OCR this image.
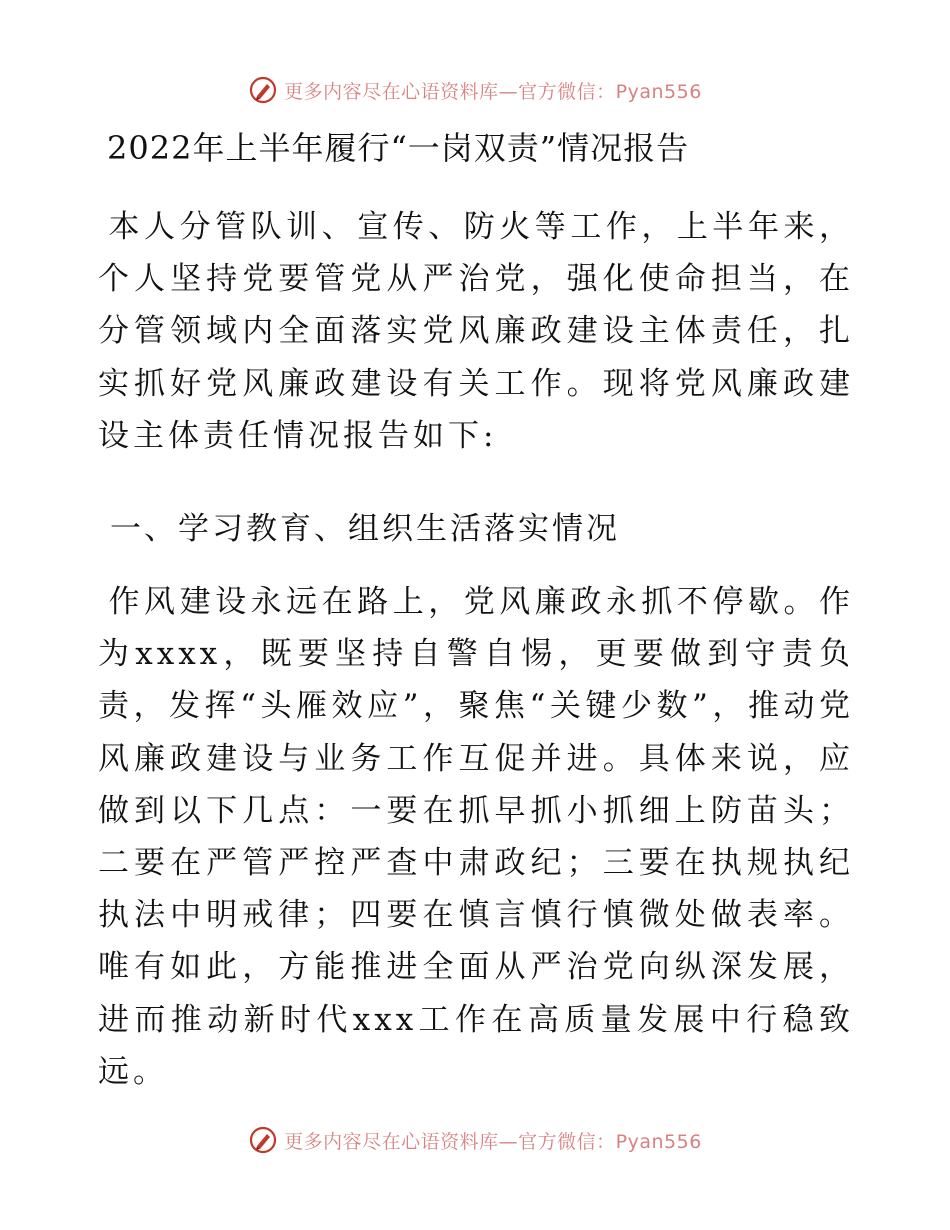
更多内容尽在心语资料库—官方微信：Pyan556
2022年上半年履行“一岗双责”情况报告

本人分管队训、宣传、防火等工作，上半年来，个人坚持党要管党从严治党，强化使命担当，在分管领域内全面落实党风廉政建设主体责任，扎实抓好党风廉政建设有关工作。现将党风廉政建设主体责任情况报告如下:

一、学习教育、组织生活落实情况

作风建设永远在路上，党风廉政永抓不停歇。作为xxxx，既要坚持自警自惕，更要做到守责负责，发挥“头雁效应”，聚焦“关键少数”，推动党风廉政建设与业务工作互促并进。具体来说，应做到以下几点：一要在抓早抓小抓细上防苗头；二要在严管严控严查中肃政纪；三要在执规执纪执法中明戒律；四要在慎言慎行慎微处做表率。唯有如此，方能推进全面从严治党向纵深发展，进而推动新时代xxx工作在高质量发展中行稳致远。

更多内容尽在心语资料库—官方微信：Pyan556
